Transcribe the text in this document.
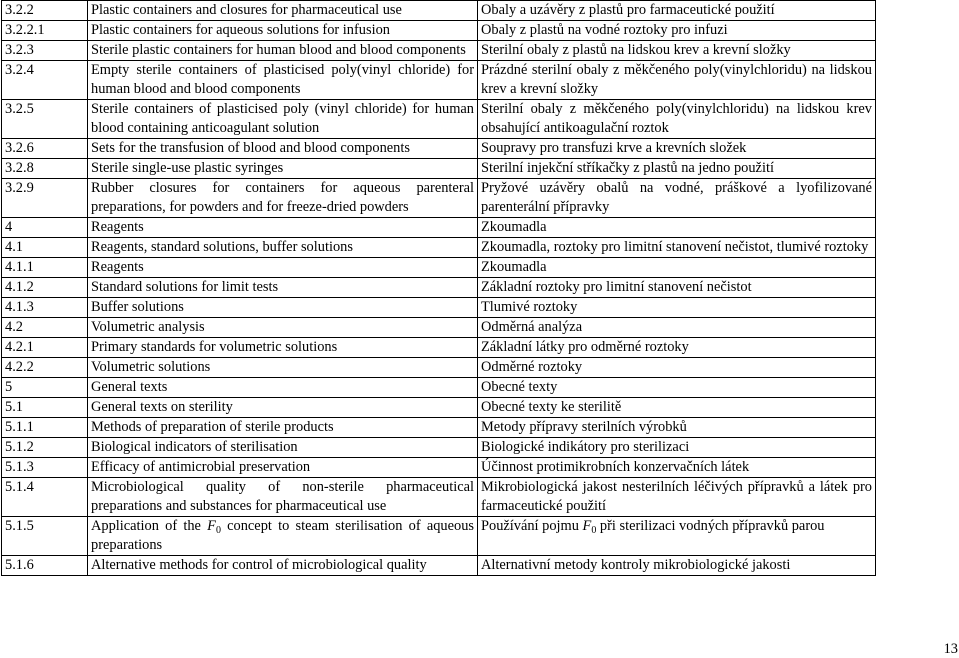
3.2.2	Plastic containers and closures for pharmaceutical use	Obaly a uzávěry z plastů pro farmaceutické použití
3.2.2.1	Plastic containers for aqueous solutions for infusion	Obaly z plastů na vodné roztoky pro infuzi
3.2.3	Sterile plastic containers for human blood and blood components	Sterilní obaly z plastů na lidskou krev a krevní složky
3.2.4	Empty sterile containers of plasticised poly(vinyl chloride) for human blood and blood components	Prázdné sterilní obaly z měkčeného poly(vinylchloridu) na lidskou krev a krevní složky
3.2.5	Sterile containers of plasticised poly (vinyl chloride) for human blood containing anticoagulant solution	Sterilní obaly z měkčeného poly(vinylchloridu) na lidskou krev obsahující antikoagulační roztok
3.2.6	Sets for the transfusion of blood and blood components	Soupravy pro transfuzi krve a krevních složek
3.2.8	Sterile single-use plastic syringes	Sterilní injekční stříkačky z plastů na jedno použití
3.2.9	Rubber closures for containers for aqueous parenteral preparations, for powders and for freeze-dried powders	Pryžové uzávěry obalů na vodné, práškové a lyofilizované parenterální přípravky
4	Reagents	Zkoumadla
4.1	Reagents, standard solutions, buffer solutions	Zkoumadla, roztoky pro limitní stanovení nečistot, tlumivé roztoky
4.1.1	Reagents	Zkoumadla
4.1.2	Standard solutions for limit tests	Základní roztoky pro limitní stanovení nečistot
4.1.3	Buffer solutions	Tlumivé roztoky
4.2	Volumetric analysis	Odměrná analýza
4.2.1	Primary standards for volumetric solutions	Základní látky pro odměrné roztoky
4.2.2	Volumetric solutions	Odměrné roztoky
5	General texts	Obecné texty
5.1	General texts on sterility	Obecné texty ke sterilitě
5.1.1	Methods of preparation of sterile products	Metody přípravy sterilních výrobků
5.1.2	Biological indicators of sterilisation	Biologické indikátory pro sterilizaci
5.1.3	Efficacy of antimicrobial preservation	Účinnost protimikrobních konzervačních látek
5.1.4	Microbiological quality of non-sterile pharmaceutical preparations and substances for pharmaceutical use	Mikrobiologická jakost nesterilních léčivých přípravků a látek pro farmaceutické použití
5.1.5	Application of the $F_0$ concept to steam sterilisation of aqueous preparations	Používání pojmu $F_0$ při sterilizaci vodných přípravků parou
5.1.6	Alternative methods for control of microbiological quality	Alternativní metody kontroly mikrobiologické jakosti
13
